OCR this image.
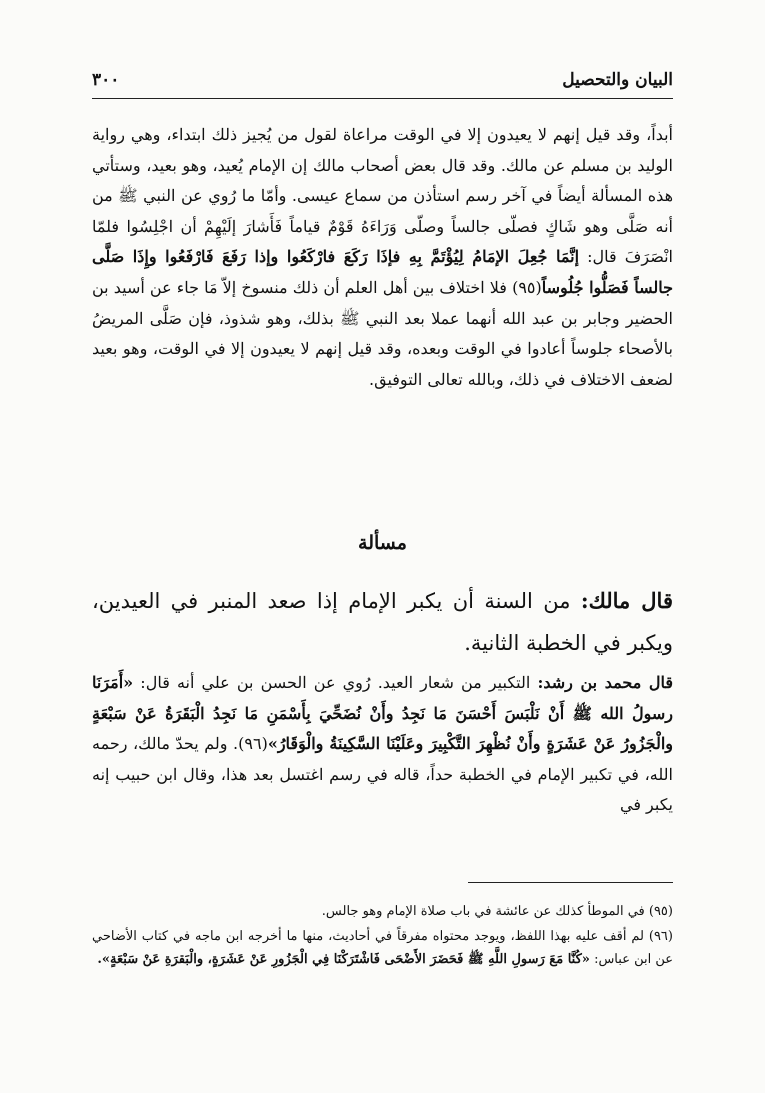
البيان والتحصيل
٣٠٠

أبداً، وقد قيل إنهم لا يعيدون إلا في الوقت مراعاة لقول من يُجيز ذلك ابتداء، وهي رواية الوليد بن مسلم عن مالك. وقد قال بعض أصحاب مالك إن الإمام يُعيد، وهو بعيد، وستأتي هذه المسألة أيضاً في آخر رسم استأذن من سماع عيسى. وأمّا ما رُوي عن النبي ﷺ من أنه صَلَّى وهو شَاكٍ فصلّى جالساً وصلّى وَرَاءَهُ قَوْمٌ قياماً فَأَشارَ إلَيْهِمْ أن اجْلِسُوا فلمّا انْصَرَفَ قال: إنَّمَا جُعِلَ الإمَامُ لِيُؤْتَمَّ بِهِ فإذَا رَكَعَ فارْكَعُوا وإذا رَفَعَ فَارْفَعُوا وإِذَا صَلَّى جالساً فَصَلُّوا جُلُوساً(٩٥) فلا اختلاف بين أهل العلم أن ذلك منسوخ إلاّ مَا جاء عن أسيد بن الحضير وجابر بن عبد الله أنهما عملا بعد النبي ﷺ بذلك، وهو شذوذ، فإن صَلَّى المريضُ بالأصحاء جلوساً أعادوا في الوقت وبعده، وقد قيل إنهم لا يعيدون إلا في الوقت، وهو بعيد لضعف الاختلاف في ذلك، وبالله تعالى التوفيق.

مسألة

قال مالك: من السنة أن يكبر الإمام إذا صعد المنبر في العيدين، ويكبر في الخطبة الثانية.

قال محمد بن رشد: التكبير من شعار العيد. رُوي عن الحسن بن علي أنه قال: «أَمَرَنَا رسولُ الله ﷺ أَنْ نَلْبَسَ أَحْسَنَ مَا نَجِدُ وأَنْ نُضَحِّيَ بِأَسْمَنِ مَا نَجِدُ الْبَقَرَةُ عَنْ سَبْعَةٍ والْجَزُورُ عَنْ عَشَرَةٍ وأَنْ نُظْهِرَ التَّكْبِيرَ وعَلَيْنَا السَّكِينَةُ والْوَقَارُ»(٩٦). ولم يحدّ مالك، رحمه الله، في تكبير الإمام في الخطبة حداً، قاله في رسم اغتسل بعد هذا، وقال ابن حبيب إنه يكبر في

(٩٥) في الموطأ كذلك عن عائشة في باب صلاة الإمام وهو جالس.

(٩٦) لم أقف عليه بهذا اللفظ، ويوجد محتواه مفرقاً في أحاديث، منها ما أخرجه ابن ماجه في كتاب الأضاحي عن ابن عباس: «كُنَّا مَعَ رَسولِ اللَّهِ ﷺ فَحَضَرَ الأَضْحَى فَاشْتَرَكْنَا فِي الْجَزُورِ عَنْ عَشَرَةٍ، والْبَقرَةِ عَنْ سَبْعَةٍ».
